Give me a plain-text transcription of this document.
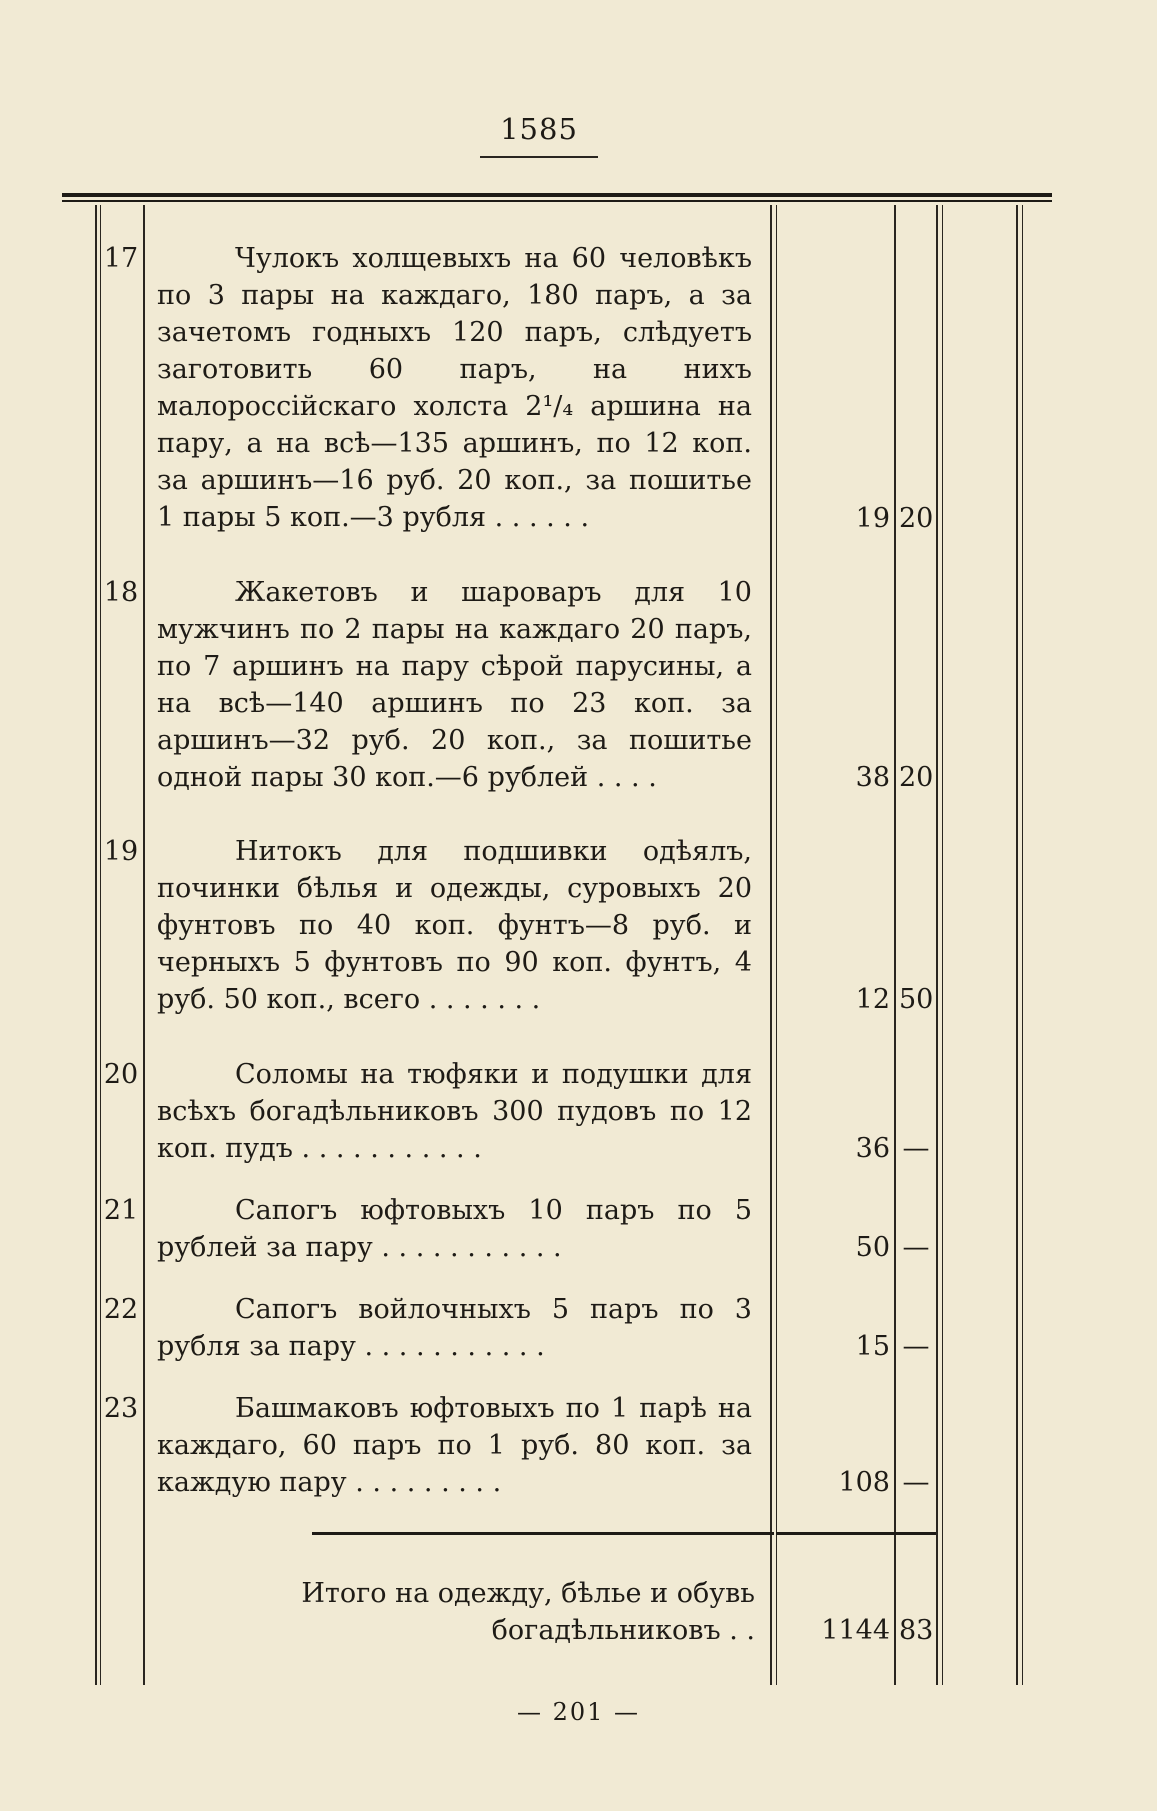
1585
17	Чулокъ холщевыхъ на 60 человѣкъ по 3 пары на каждаго, 180 паръ, а за зачетомъ годныхъ 120 паръ, слѣдуетъ заготовить 60 паръ, на нихъ малороссійскаго холста 2¹/₄ аршина на пару, а на всѣ—135 аршинъ, по 12 коп. за аршинъ—16 руб. 20 коп., за пошитье 1 пары 5 коп.—3 рубля . . . . . .	19 20
18	Жакетовъ и шароваръ для 10 мужчинъ по 2 пары на каждаго 20 паръ, по 7 аршинъ на пару сѣрой парусины, а на всѣ—140 аршинъ по 23 коп. за аршинъ—32 руб. 20 коп., за пошитье одной пары 30 коп.—6 рублей . . . .	38 20
19	Нитокъ для подшивки одѣялъ, починки бѣлья и одежды, суровыхъ 20 фунтовъ по 40 коп. фунтъ—8 руб. и черныхъ 5 фунтовъ по 90 коп. фунтъ, 4 руб. 50 коп., всего . . . . . . .	12 50
20	Соломы на тюфяки и подушки для всѣхъ богадѣльниковъ 300 пудовъ по 12 коп. пудъ . . . . . . . . . . .	36 —
21	Сапогъ юфтовыхъ 10 паръ по 5 рублей за пару . . . . . . . . . . .	50 —
22	Сапогъ войлочныхъ 5 паръ по 3 рубля за пару . . . . . . . . . . .	15 —
23	Башмаковъ юфтовыхъ по 1 парѣ на каждаго, 60 паръ по 1 руб. 80 коп. за каждую пару . . . . . . . . .	108 —
Итого на одежду, бѣлье и обувь богадѣльниковъ . .	1144 83
— 201 —
